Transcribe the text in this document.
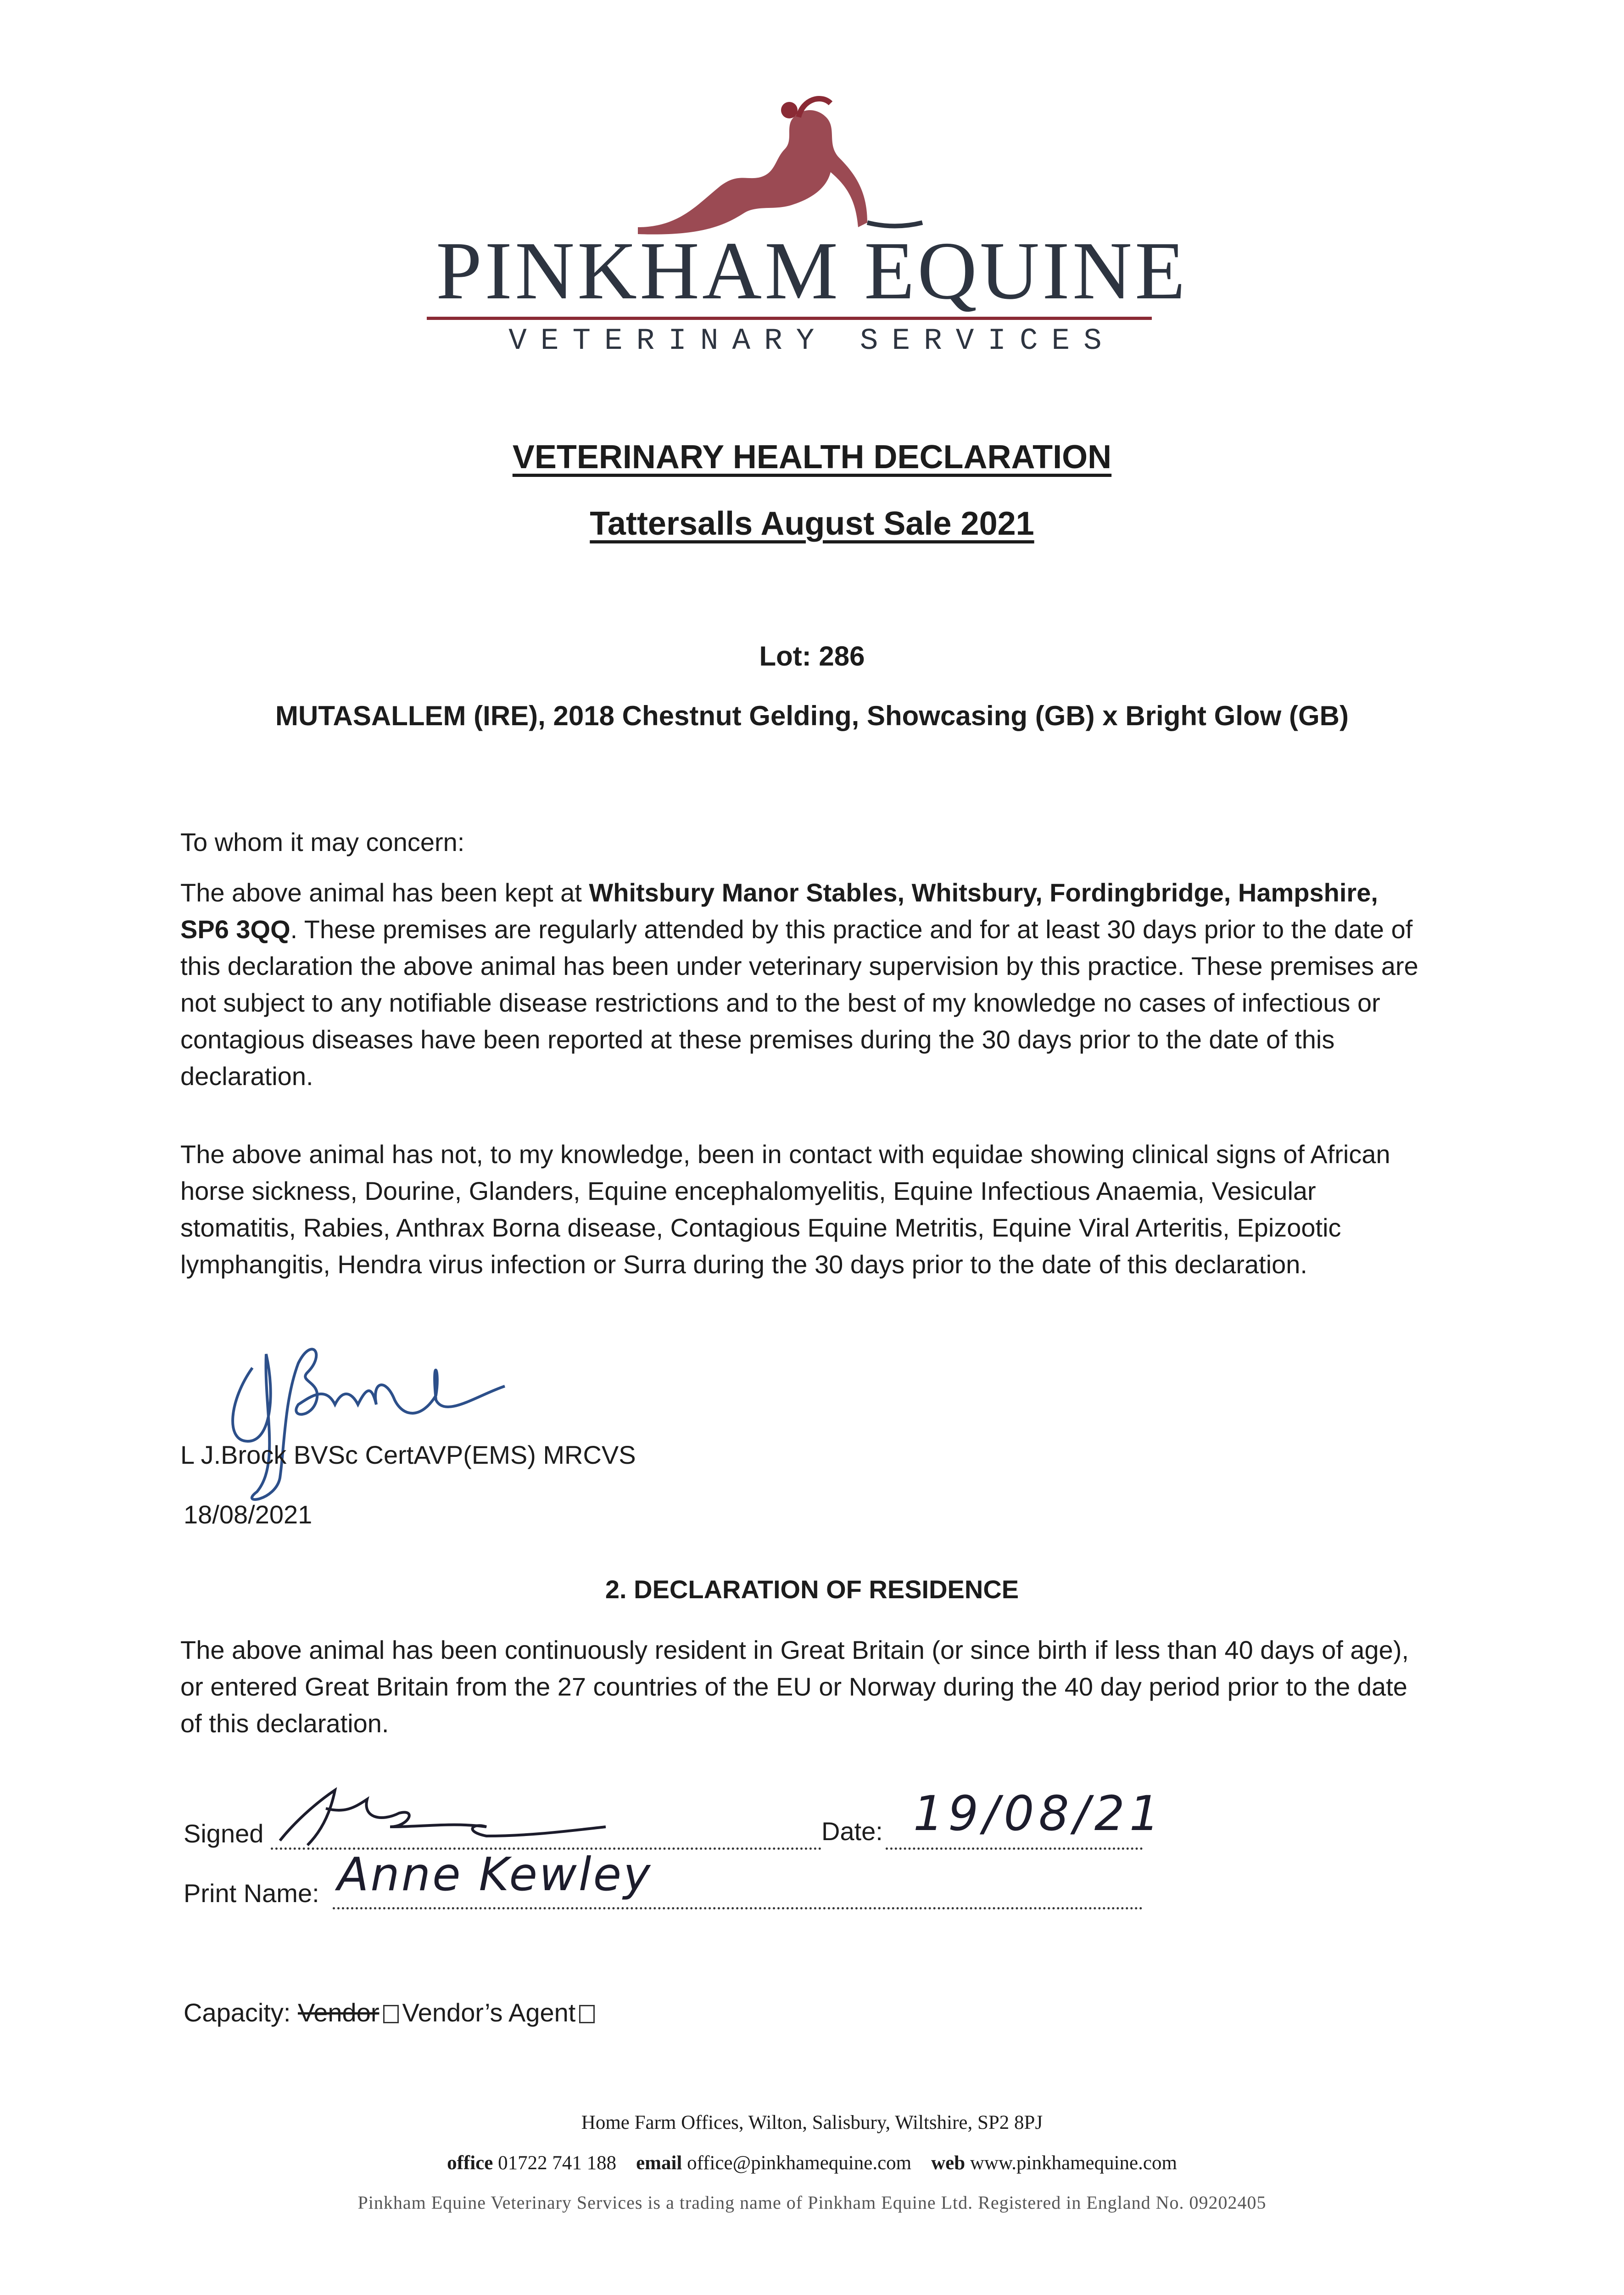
PINKHAM EQUINE
VETERINARY SERVICES
VETERINARY HEALTH DECLARATION
Tattersalls August Sale 2021
Lot: 286
MUTASALLEM (IRE), 2018 Chestnut Gelding, Showcasing (GB) x Bright Glow (GB)
To whom it may concern:
The above animal has been kept at Whitsbury Manor Stables, Whitsbury, Fordingbridge, Hampshire, SP6 3QQ. These premises are regularly attended by this practice and for at least 30 days prior to the date of this declaration the above animal has been under veterinary supervision by this practice. These premises are not subject to any notifiable disease restrictions and to the best of my knowledge no cases of infectious or contagious diseases have been reported at these premises during the 30 days prior to the date of this declaration.
The above animal has not, to my knowledge, been in contact with equidae showing clinical signs of African horse sickness, Dourine, Glanders, Equine encephalomyelitis, Equine Infectious Anaemia, Vesicular stomatitis, Rabies, Anthrax Borna disease, Contagious Equine Metritis, Equine Viral Arteritis, Epizootic lymphangitis, Hendra virus infection or Surra during the 30 days prior to the date of this declaration.
L J.Brock BVSc CertAVP(EMS) MRCVS
18/08/2021
2. DECLARATION OF RESIDENCE
The above animal has been continuously resident in Great Britain (or since birth if less than 40 days of age), or entered Great Britain from the 27 countries of the EU or Norway during the 40 day period prior to the date of this declaration.
Signed	Date: 19/08/21
Print Name: Anne Kewley
Capacity: Vendor Vendor’s Agent
Home Farm Offices, Wilton, Salisbury, Wiltshire, SP2 8PJ
office 01722 741 188 email office@pinkhamequine.com web www.pinkhamequine.com
Pinkham Equine Veterinary Services is a trading name of Pinkham Equine Ltd. Registered in England No. 09202405
